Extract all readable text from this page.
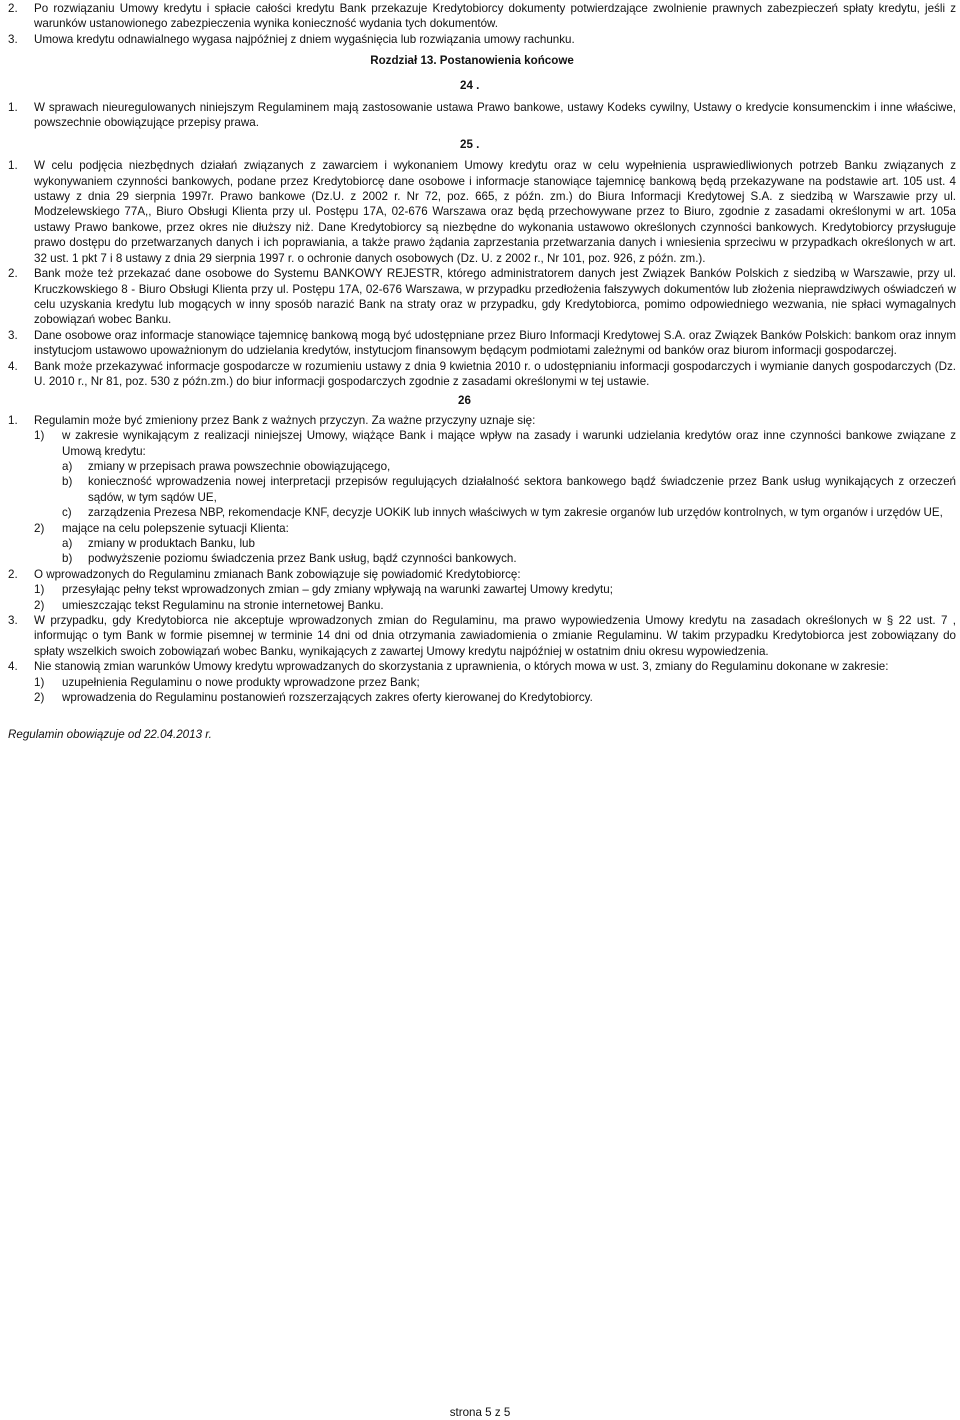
2.	Po rozwiązaniu Umowy kredytu i spłacie całości kredytu Bank przekazuje Kredytobiorcy dokumenty potwierdzające zwolnienie prawnych zabezpieczeń spłaty kredytu, jeśli z warunków ustanowionego zabezpieczenia wynika konieczność wydania tych dokumentów.
3.	Umowa kredytu odnawialnego wygasa najpóźniej z dniem wygaśnięcia lub rozwiązania umowy rachunku.
Rozdział 13. Postanowienia końcowe
24 .
1.	W sprawach nieuregulowanych niniejszym Regulaminem mają zastosowanie ustawa Prawo bankowe, ustawy Kodeks cywilny, Ustawy o kredycie konsumenckim i inne właściwe, powszechnie obowiązujące przepisy prawa.
25 .
1.	W celu podjęcia niezbędnych działań związanych z zawarciem i wykonaniem Umowy kredytu oraz w celu wypełnienia usprawiedliwionych potrzeb Banku związanych z wykonywaniem czynności bankowych, podane przez Kredytobiorcę dane osobowe i informacje stanowiące tajemnicę bankową będą przekazywane na podstawie art. 105 ust. 4 ustawy z dnia 29 sierpnia 1997r. Prawo bankowe (Dz.U. z 2002 r. Nr 72, poz. 665, z późn. zm.) do Biura Informacji Kredytowej S.A. z siedzibą w Warszawie przy ul. Modzelewskiego 77A,, Biuro Obsługi Klienta przy ul. Postępu 17A, 02-676 Warszawa oraz będą przechowywane przez to Biuro, zgodnie z zasadami określonymi w art. 105a ustawy Prawo bankowe, przez okres nie dłuższy niż. Dane Kredytobiorcy są niezbędne do wykonania ustawowo określonych czynności bankowych. Kredytobiorcy przysługuje prawo dostępu do przetwarzanych danych i ich poprawiania, a także prawo żądania zaprzestania przetwarzania danych i wniesienia sprzeciwu w przypadkach określonych w art. 32 ust. 1 pkt 7 i 8 ustawy z dnia 29 sierpnia 1997 r. o ochronie danych osobowych (Dz. U. z 2002 r., Nr 101, poz. 926, z późn. zm.).
2.	Bank może też przekazać dane osobowe do Systemu BANKOWY REJESTR, którego administratorem danych jest Związek Banków Polskich z siedzibą w Warszawie, przy ul. Kruczkowskiego 8 - Biuro Obsługi Klienta przy ul. Postępu 17A, 02-676 Warszawa, w przypadku przedłożenia fałszywych dokumentów lub złożenia nieprawdziwych oświadczeń w celu uzyskania kredytu lub mogących w inny sposób narazić Bank na straty oraz w przypadku, gdy Kredytobiorca, pomimo odpowiedniego wezwania, nie spłaci wymagalnych zobowiązań wobec Banku.
3.	Dane osobowe oraz informacje stanowiące tajemnicę bankową mogą być udostępniane przez Biuro Informacji Kredytowej S.A. oraz Związek Banków Polskich: bankom oraz innym instytucjom ustawowo upoważnionym do udzielania kredytów, instytucjom finansowym będącym podmiotami zależnymi od banków oraz biurom informacji gospodarczej.
4.	Bank może przekazywać informacje gospodarcze w rozumieniu ustawy z dnia 9 kwietnia 2010 r. o udostępnianiu informacji gospodarczych i wymianie danych gospodarczych (Dz. U. 2010 r., Nr 81, poz. 530 z późn.zm.) do biur informacji gospodarczych zgodnie z zasadami określonymi w tej ustawie.
26
1.	Regulamin może być zmieniony przez Bank z ważnych przyczyn. Za ważne przyczyny uznaje się:
1)	w zakresie wynikającym z realizacji niniejszej Umowy, wiążące Bank i mające wpływ na zasady i warunki udzielania kredytów oraz inne czynności bankowe związane z Umową kredytu:
a)	zmiany w przepisach prawa powszechnie obowiązującego,
b)	konieczność wprowadzenia nowej interpretacji przepisów regulujących działalność sektora bankowego bądź świadczenie przez Bank usług wynikających z orzeczeń sądów, w tym sądów UE,
c)	zarządzenia Prezesa NBP, rekomendacje KNF, decyzje UOKiK lub innych właściwych w tym zakresie organów lub urzędów kontrolnych, w tym organów i urzędów UE,
2)	mające na celu polepszenie sytuacji Klienta:
a)	zmiany w produktach Banku, lub
b)	podwyższenie poziomu świadczenia przez Bank usług, bądź czynności bankowych.
2.	O wprowadzonych do Regulaminu zmianach Bank zobowiązuje się powiadomić Kredytobiorcę:
1)	przesyłając pełny tekst wprowadzonych zmian – gdy zmiany wpływają na warunki zawartej Umowy kredytu;
2)	umieszczając tekst Regulaminu na stronie internetowej Banku.
3.	W przypadku, gdy Kredytobiorca nie akceptuje wprowadzonych zmian do Regulaminu, ma prawo wypowiedzenia Umowy kredytu na zasadach określonych w § 22 ust. 7 , informując o tym Bank w formie pisemnej w terminie 14 dni od dnia otrzymania zawiadomienia o zmianie Regulaminu. W takim przypadku Kredytobiorca jest zobowiązany do spłaty wszelkich swoich zobowiązań wobec Banku, wynikających z zawartej Umowy kredytu najpóźniej w ostatnim dniu okresu wypowiedzenia.
4.	Nie stanowią zmian warunków Umowy kredytu wprowadzanych do skorzystania z uprawnienia, o których mowa w ust. 3, zmiany do Regulaminu dokonane w zakresie:
1)	uzupełnienia Regulaminu o nowe produkty wprowadzone przez Bank;
2)	wprowadzenia do Regulaminu postanowień rozszerzających zakres oferty kierowanej do Kredytobiorcy.
Regulamin obowiązuje od 22.04.2013 r.
strona 5 z 5
